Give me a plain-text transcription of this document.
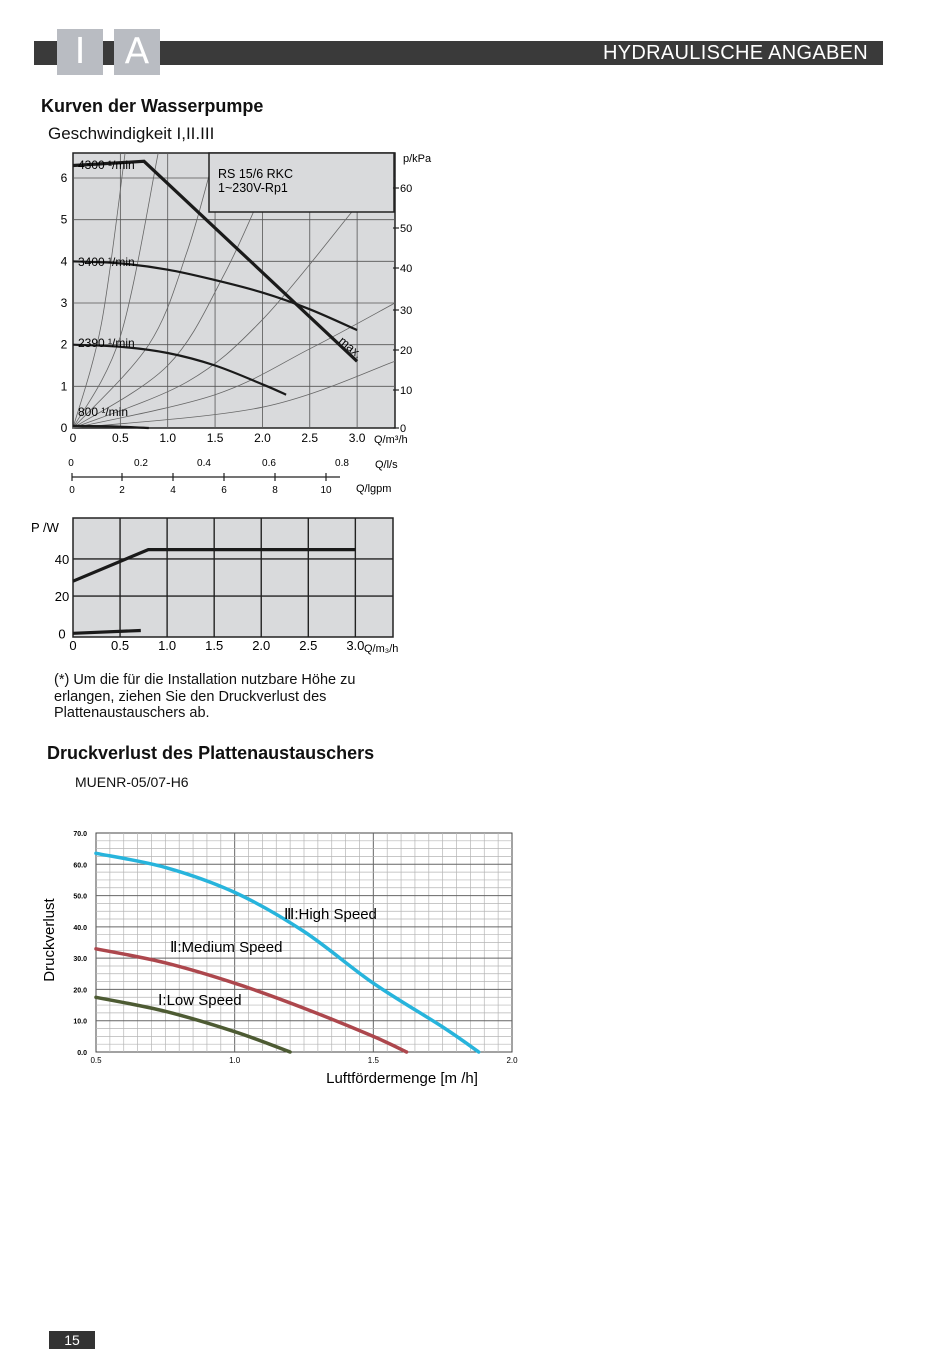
I	A	HYDRAULISCHE ANGABEN
Kurven der Wasserpumpe
Geschwindigkeit I,II.III
RS 15/6 RKC
1~230V-Rp1
4300 ¹/min
3400 ¹/min
2390 ¹/min
800 ¹/min
max.
0	0.5	1.0	1.5	2.0	2.5	3.0
0
1
2
3
4
5
6
Q/m³/h
p/kPa
0
10
20
30
40
50
60
0	0.2	0.4	0.6	0.8 Q/l/s
0	2	4	6	8	10 Q/lgpm
0	0.5 1.0 1.5 2.0 2.5 3.0
0
20
40
P /W
Q/m₃/h
(*) Um die für die Installation nutzbare Höhe zu erlangen, ziehen Sie den Druckverlust des Plattenaustauschers ab.
Druckverlust des Plattenaustauschers
MUENR-05/07-H6
Ⅲ:High Speed
Ⅱ:Medium Speed
Ⅰ:Low Speed
0.5	1.0	1.5	2.0
0.0
10.0
20.0
30.0
40.0
50.0
60.0
70.0
Luftfördermenge [m /h]
Druckverlust
15
